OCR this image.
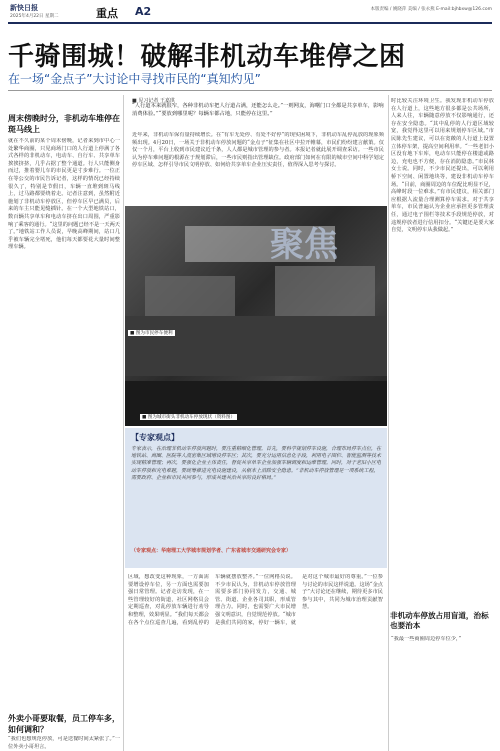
新快日报
2025年4月22日 星期二	重点 A2	本版责编 / 姚晓萍 美编 / 张永燕 E-mail:bjhbxw@126.com
千骑围城！破解非机动车堆停之困
在一场“金点子”大讨论中寻找市民的“真知灼见”
周末傍晚时分，非机动车堆停在斑马线上
就在不久前的某个周末傍晚，记者来到市中心一处繁华商圈，只见商场门口的人行道上停满了各式各样的非机动车，电动车、自行车、共享单车挨挨挤挤，几乎占据了整个通道。行人只能侧身而过，推着婴儿车的市民更是寸步难行。一位正在等公交的市民告诉记者，这样的情况已经持续很久了，特别是节假日，车辆一直堆到斑马线上，过马路都要绕着走。记者注意到，虽然附近施划了非机动车停放区，但停车区早已满员，后来的车主只能见缝插针。在一个大型地铁站口，数百辆共享单车和电动车挤在出口周围，严重影响了乘客的通行。“这里的问题已经不是一天两天了。”地铁站工作人员说，早晚高峰期间，站口几乎被车辆完全堵死，他们每天都要花大量时间整理车辆。
外卖小哥要取餐，员工停车多，如何调和？
“我们也想规范停放，可是送餐时间太紧张了。”一位外卖小哥坦言。
■ 见习记者 王嘉琪
“人行道本来就很窄，各种非机动车把人行道占满，还能怎么走。”一则网友，海曙门口全都是共享单车，影响消费体验。”“要放到哪里呢？每辆车都占地，只能停在这里。”
近年来，非机动车保有量持续增长。在“有车无处停、有处不好停”的现实困境下，非机动车乱停乱放的现象频频出现。4月20日，一场关于非机动车停放问题的“金点子”征集在社区中拉开帷幕，市民们纷纷建言献策。仅仅一个月，平台上收到市民建议近千条，人人都是城市管理的参与者。本报记者就此展开调查采访。一些市民认为停车难问题的根源在于规划滞后，一些市民则指出管理缺位。政府部门如何在有限的城市空间中科学划定停车区域、怎样引导市民文明停放、如何给共享单车企业压实责任，值得深入思考与探讨。
聚焦
■ 图为市民停车便利
■ 图为城市街头非机动车停放现状（资料图）
【专家观点】
专家表示，在治理非机动车停放问题时，要注重精细化管理。首先，要科学规划停车设施，合理布局停车点位，在地铁站、商圈、医院等人流密集区域增设停车区；其次，要充分运用信息化手段，利用电子围栏、智能监测等技术实现精准管理；再次，要强化企业主体责任，督促共享单车企业加强车辆调度和运维管理。同时，对于老旧小区电动车停放和充电难题，要统筹推进充电设施建设，从根本上消除安全隐患。“非机动车停放管理是一项系统工程，需要政府、企业和市民共同参与，形成共建共治共享的良好格局。”
（专家观点：华南理工大学城市规划学者、广东省城市交通研究会专家）
区域，想改变这种现象，一方面需要增设停车位，另一方面也需要加强日常管理。记者走访发现，在一些管理较好的街道，社区网格员会定期巡查，对乱停放车辆进行劝导和整理，效果明显。“我们每天都会在各个点位巡查几遍，看到乱停的车辆就摆放整齐。”一位网格员说。不少市民认为，非机动车停放管理需要多部门协同发力，交通、城管、街道、企业各司其职，形成管理合力。同时，也需要广大市民增强文明意识，自觉规范停放。“城市是我们共同的家，停好一辆车，就是对这个城市最好的尊重。”一位参与讨论的市民这样说道。这场“金点子”大讨论还在继续，期待更多市民参与其中，共同为城市治理贡献智慧。
时比较关注环境卫生。我发现非机动车停放在人行道上，这些地方很多都是公共场所，人来人往，车辆随意停放不仅影响通行，还存在安全隐患。“其中乱停的人行道区域较宽，我觉得这里可以用来规划停车区域。”市民陈先生建议，可以在宽敞的人行道上设置立体停车架，提高空间利用率。“一些老旧小区没有地下车库，电动车只能停在楼道或路边，充电也不方便，存在消防隐患。”市民林女士说。同时，不少市民还提出，可以利用桥下空间、闲置地块等，建设非机动车停车场。“目前，商圈周边的车位配比明显不足，高峰时段一位难求。”有市民建议，相关部门应根据人流量合理测算停车需求。对于共享单车，市民普遍认为企业应承担更多管理责任，通过电子围栏等技术手段规范停放，对违规停放者进行信用扣分。“关键还是要大家自觉，文明停车从我做起。”
非机动车停放占用盲道，治标也要治本
“我最一些商圈周边停车位少，”
